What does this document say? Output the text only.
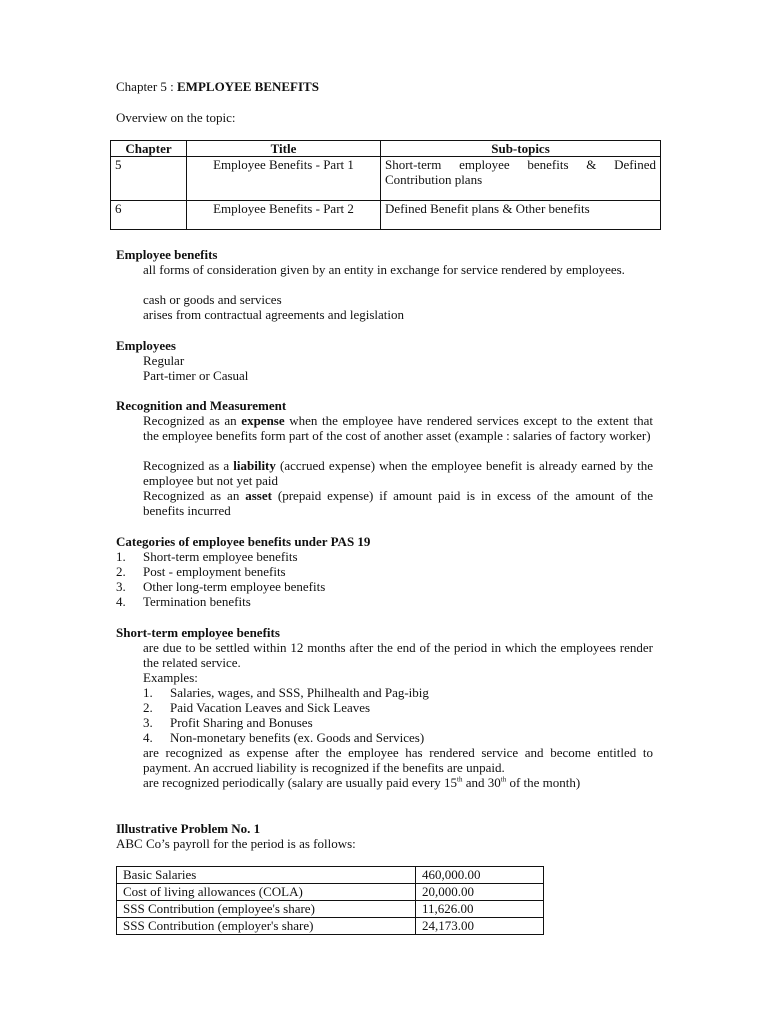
Chapter 5 : EMPLOYEE BENEFITS
Overview on the topic:
Chapter	Title	Sub-topics
5	Employee Benefits - Part 1	Short-term employee benefits & Defined Contribution plans
6	Employee Benefits - Part 2	Defined Benefit plans & Other benefits
Employee benefits
all forms of consideration given by an entity in exchange for service rendered by employees.
cash or goods and services
arises from contractual agreements and legislation
Employees
Regular
Part-timer or Casual
Recognition and Measurement
Recognized as an expense when the employee have rendered services except to the extent that the employee benefits form part of the cost of another asset (example : salaries of factory worker)
Recognized as a liability (accrued expense) when the employee benefit is already earned by the employee but not yet paid
Recognized as an asset (prepaid expense) if amount paid is in excess of the amount of the benefits incurred
Categories of employee benefits under PAS 19
1. Short-term employee benefits
2. Post - employment benefits
3. Other long-term employee benefits
4. Termination benefits
Short-term employee benefits
are due to be settled within 12 months after the end of the period in which the employees render the related service.
Examples:
1. Salaries, wages, and SSS, Philhealth and Pag-ibig
2. Paid Vacation Leaves and Sick Leaves
3. Profit Sharing and Bonuses
4. Non-monetary benefits (ex. Goods and Services)
are recognized as expense after the employee has rendered service and become entitled to payment. An accrued liability is recognized if the benefits are unpaid.
are recognized periodically (salary are usually paid every 15th and 30th of the month)
Illustrative Problem No. 1
ABC Co’s payroll for the period is as follows:
Basic Salaries	460,000.00
Cost of living allowances (COLA)	20,000.00
SSS Contribution (employee's share)	11,626.00
SSS Contribution (employer's share)	24,173.00
